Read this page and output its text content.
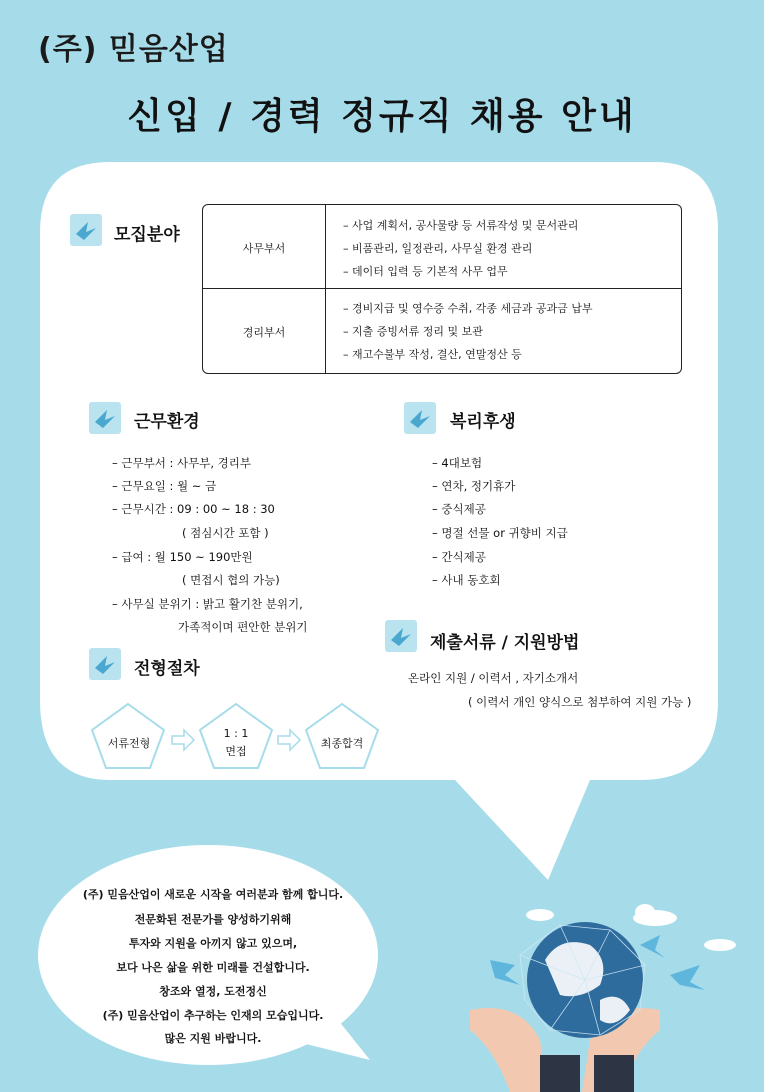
(주) 믿음산업
신입 / 경력 정규직 채용 안내
모집분야
사무부서
– 사업 계획서, 공사물량 등 서류작성 및 문서관리
– 비품관리, 일정관리, 사무실 환경 관리
– 데이터 입력 등 기본적 사무 업무
경리부서
– 경비지급 및 영수증 수취, 각종 세금과 공과금 납부
– 지출 증빙서류 정리 및 보관
– 재고수불부 작성, 결산, 연말정산 등
근무환경
– 근무부서 : 사무부, 경리부
– 근무요일 : 월 ~ 금
– 근무시간 : 09 : 00 ~ 18 : 30
( 점심시간 포함 )
– 급여 : 월 150 ~ 190만원
( 면접시 협의 가능)
– 사무실 분위기 : 밝고 활기찬 분위기,
가족적이며 편안한 분위기
복리후생
– 4대보험
– 연차, 정기휴가
– 중식제공
– 명절 선물 or 귀향비 지급
– 간식제공
– 사내 동호회
제출서류 / 지원방법
온라인 지원 / 이력서 , 자기소개서
( 이력서 개인 양식으로 첨부하여 지원 가능 )
전형절차
서류전형
1 : 1
면접
최종합격
(주) 믿음산업이 새로운 시작을 여러분과 함께 합니다.
전문화된 전문가를 양성하기위해
투자와 지원을 아끼지 않고 있으며,
보다 나은 삶을 위한 미래를 건설합니다.
창조와 열정, 도전정신
(주) 믿음산업이 추구하는 인재의 모습입니다.
많은 지원 바랍니다.
